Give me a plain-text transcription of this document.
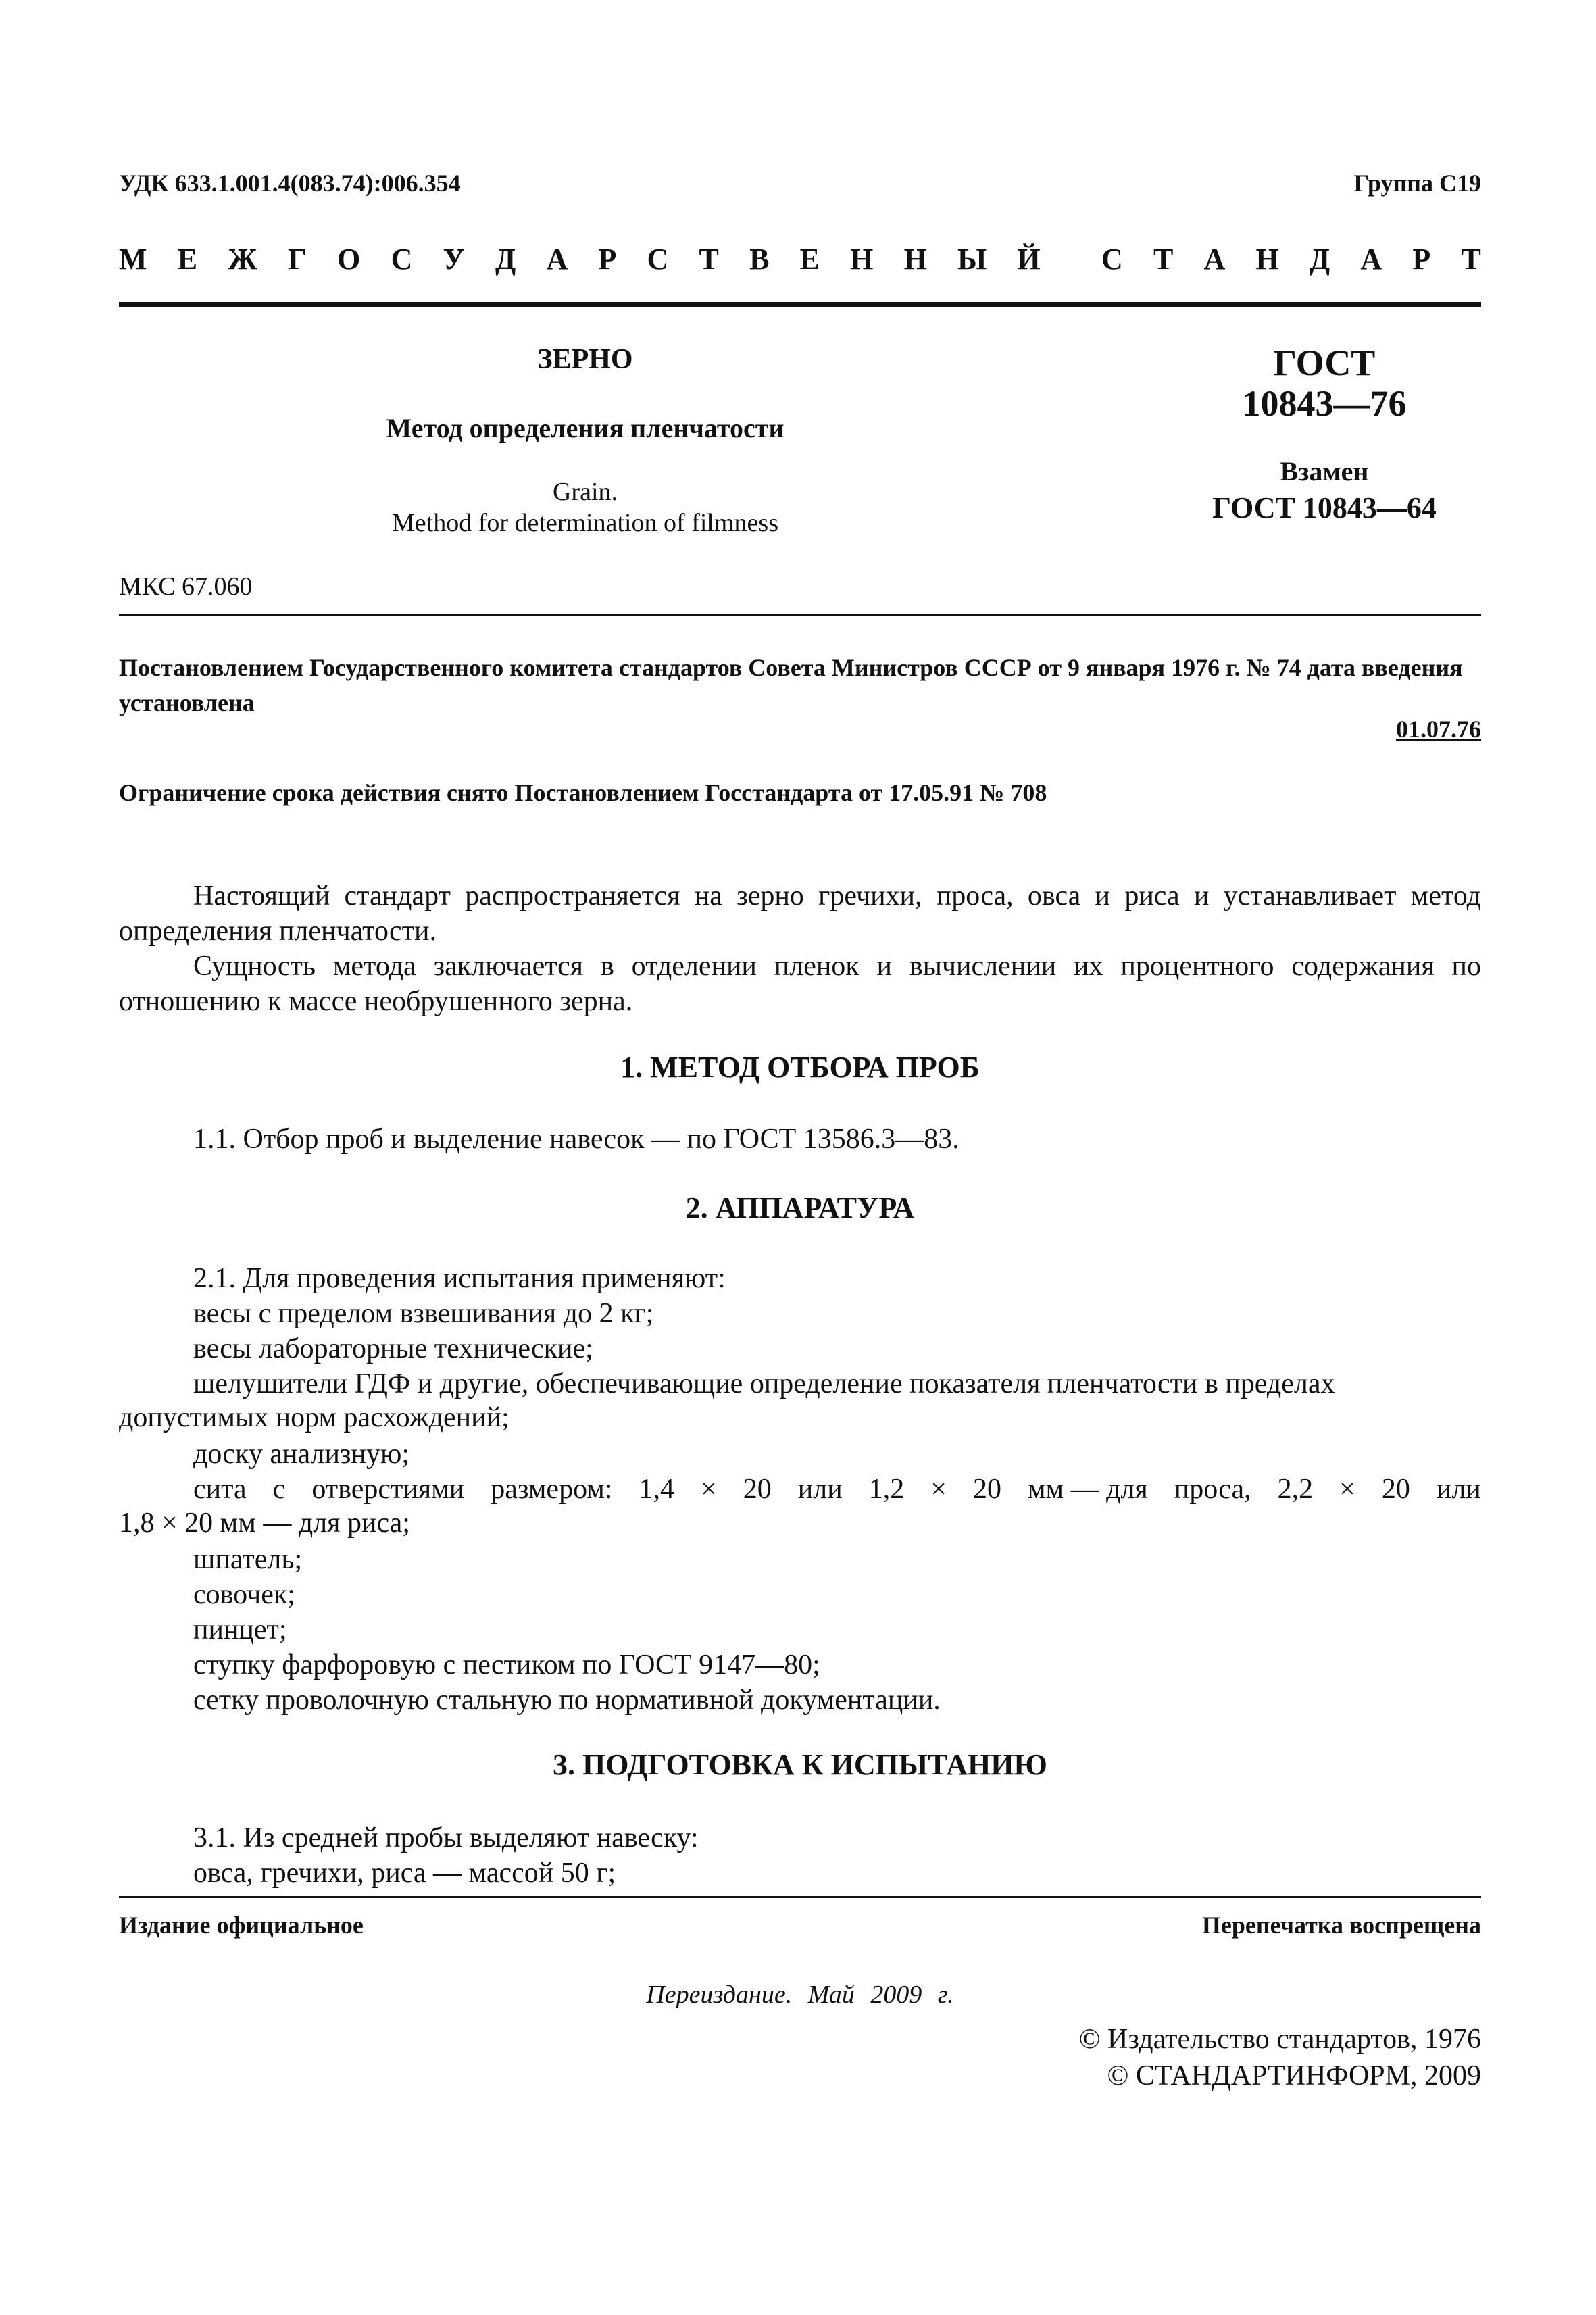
УДК 633.1.001.4(083.74):006.354	Группа С19
М Е Ж Г О С У Д А Р С Т В Е Н Н Ы Й С Т А Н Д А Р Т
ЗЕРНО
Метод определения пленчатости
Grain.
Method for determination of filmness
ГОСТ
10843—76
Взамен
ГОСТ 10843—64
МКС 67.060
Постановлением Государственного комитета стандартов Совета Министров СССР от 9 января 1976 г. № 74 дата введения установлена
01.07.76
Ограничение срока действия снято Постановлением Госстандарта от 17.05.91 № 708
Настоящий стандарт распространяется на зерно гречихи, проса, овса и риса и устанавливает метод определения пленчатости.
Сущность метода заключается в отделении пленок и вычислении их процентного содержания по отношению к массе необрушенного зерна.
1. МЕТОД ОТБОРА ПРОБ
1.1. Отбор проб и выделение навесок — по ГОСТ 13586.3—83.
2. АППАРАТУРА
2.1. Для проведения испытания применяют:
весы с пределом взвешивания до 2 кг;
весы лабораторные технические;
шелушители ГДФ и другие, обеспечивающие определение показателя пленчатости в пределах
допустимых норм расхождений;
доску анализную;
сита с отверстиями размером: 1,4 × 20 или 1,2 × 20 мм — для проса, 2,2 × 20 или
1,8 × 20 мм — для риса;
шпатель;
совочек;
пинцет;
ступку фарфоровую с пестиком по ГОСТ 9147—80;
сетку проволочную стальную по нормативной документации.
3. ПОДГОТОВКА К ИСПЫТАНИЮ
3.1. Из средней пробы выделяют навеску:
овса, гречихи, риса — массой 50 г;
Издание официальное	Перепечатка воспрещена
Переиздание. Май 2009 г.
© Издательство стандартов, 1976
© СТАНДАРТИНФОРМ, 2009
